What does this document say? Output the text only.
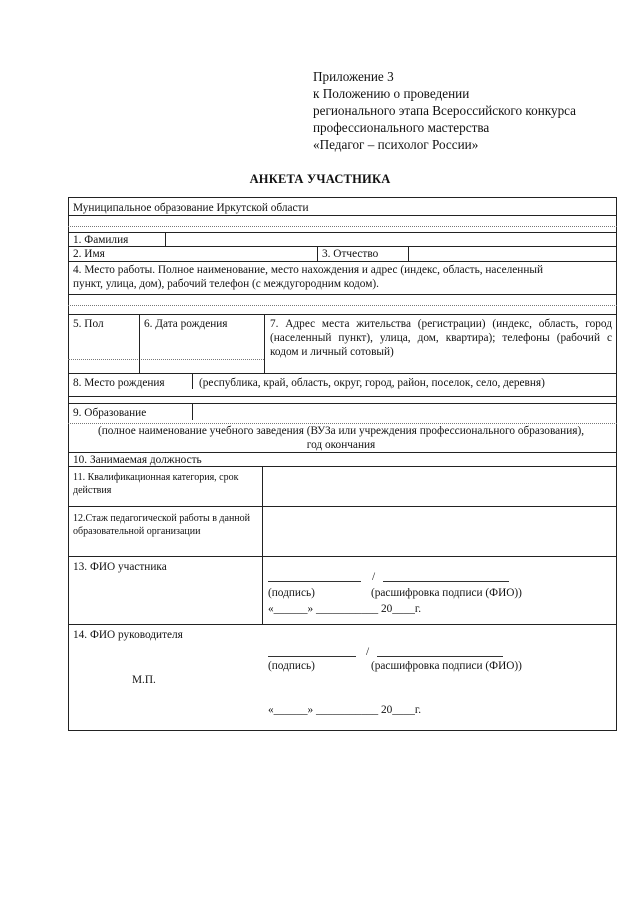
Приложение 3
к Положению о проведении
регионального этапа Всероссийского конкурса
профессионального мастерства
«Педагог – психолог России»
АНКЕТА УЧАСТНИКА
Муниципальное образование Иркутской области
1. Фамилия
2. Имя	3. Отчество
4. Место работы. Полное наименование, место нахождения и адрес (индекс, область, населенный пункт, улица, дом), рабочий телефон (с междугородним кодом).
5. Пол	6. Дата рождения	7. Адрес места жительства (регистрации) (индекс, область, город (населенный пункт), улица, дом, квартира); телефоны (рабочий с кодом и личный сотовый)
8. Место рождения	(республика, край, область, округ, город, район, поселок, село, деревня)
9. Образование
(полное наименование учебного заведения (ВУЗа или учреждения профессионального образования), год окончания
10. Занимаемая должность
11. Квалификационная категория, срок действия
12.Стаж педагогической работы в данной образовательной организации
13. ФИО участника
/
(подпись)	(расшифровка подписи (ФИО))
«______» ___________ 20____г.
14. ФИО руководителя
/
(подпись)	(расшифровка подписи (ФИО))
М.П.
«______» ___________ 20____г.
